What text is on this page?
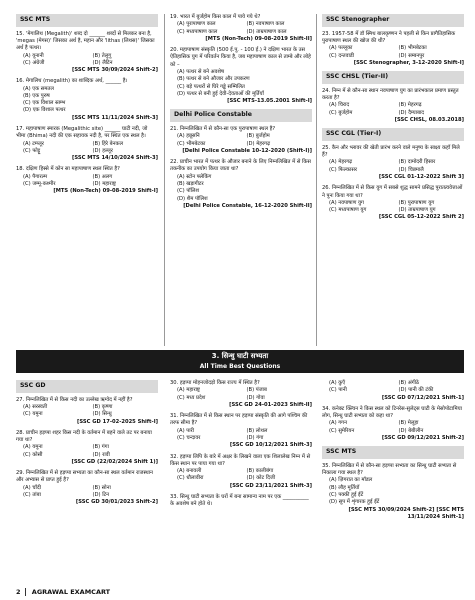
SSC MTS
15. 'मेगालिथ (Megalith)' शब्द दो ______ शब्दों से मिलकर बना है, 'megas (मेगस)' जिसका अर्थ है, महान और 'lithas (लिथस)' जिसका अर्थ है पत्थर।
(A) यूनानी	(B) तेलुगू
(C) अंग्रेजी	(D) लैटिन
[SSC MTS 30/09/2024 Shift-2]
16. मेगालिथ (megalith) का शाब्दिक अर्थ, ______ है।
(A) एक समतल
(B) एक पुरुष
(C) एक विशाल स्तम्भ
(D) एक विशाल पत्थर
[SSC MTS 11/11/2024 Shift-3]
17. महापाषाण स्मारक (Megalithic site) ______ घाटी नदी, जो भीमा (Bhima) नदी की एक सहायक नदी है, पर स्थित एक स्थल है।
(A) टम्प्लूर	(B) हिरे बेनकल
(C) फोट्टू	(D) हल्लूर
[SSC MTS 14/10/2024 Shift-3]
18. दक्षिण हिस्से में कोन सा महापाषाण स्थल स्थित है?
(A) पैगारल्म	(B) अलग
(C) जम्मू-कश्मीर	(D) महाराष्ट्र
[MTS (Non-Tech) 09-08-2019 Shift-I]
19. भारत में बुर्जहोम किस काल में पाये गये थे?
(A) पुरापाषाण काल	(B) नवपाषाण काल
(C) मध्यपाषाण काल	(D) ताम्रपाषाण काल
[MTS (Non-Tech) 09-08-2019 Shift-II]
20. महापाषाण संस्कृति (500 ई.पू. - 100 ई.) ने दक्षिण भारत के उस ऐतिहासिक युग में परिवर्तन किया है, जब महापाषाण काल से ताम्बे और लोहे को –
(A) पत्थर से बने अवशेष
(B) पत्थर से बने औजार और उपकरण
(C) बड़े पत्थरों से घिरे गड्ढे सम्मिलित
(D) पत्थर से बनी हुई देवी-देवताओं की मूर्तियाँ
[SSC MTS-13.05.2001 Shift-I]
Delhi Police Constable
21. निम्नलिखित में से कौन-सा एक पुरापाषाण स्थल है?
(A) हन्नूसनि	(B) बुर्जहोम
(C) भीमबेटका	(D) मेहरगढ़
[Delhi Police Constable 10-12-2020 (Shift-I)]
22. प्राचीन भारत में पत्थर के औजार बनाने के लिए निम्नलिखित में से किस तकनीक का उपयोग किया जाता था?
(A) स्टोन फ्लेकिंग
(B) खड़ागीटर
(C) पॉलिश
(D) शैम पॉलिश
[Delhi Police Constable, 16-12-2020 Shift-II]
SSC Stenographer
23. 1957-58 में डॉ स्मिथ बालकृष्णन ने पहली से किन प्रागैतिहासिक पुरापाषाण स्थल की खोज की थी?
(A) पल्लूका	(B) भीमबेटका
(C) दन्तवाडी	(D) सम्बनपुर
[SSC Stenographer, 3-12-2020 Shift-I]
SSC CHSL (Tier-II)
24. निम्न में से कौन-सा स्थान नवपाषाण युग का प्रारंभकाल प्रमाण प्रस्तुत करता है?
(A) चिराद	(B) मेहरगढ़
(C) बुर्जहोम	(D) दैम्याबाद
[SSC CHSL, 08.03.2018]
SSC CGL (Tier-I)
25. कैन और भ्लावर की खेती प्रारंभ करने वाले मनुष्य के साक्ष्य कहाँ मिले हैं?
(A) मेहरगढ़	(B) दामोदरी हिसार
(C) फिल्कासर	(D) चिन्नमालै
[SSC CGL 01-12-2022 Shift 3]
26. निम्नलिखित में से किस युग में सबसे शुद्ध सामने प्रसिद्ध पुरातत्ववेत्ताओं ने पुनः किया गया था?
(A) नवपाषाण युग	(B) पुरापाषाण युग
(C) मध्यपाषाण युग	(D) ताम्रपाषाण युग
[SSC CGL 05-12-2022 Shift 2]
3. सिन्धु घाटी सभ्यता
All Time Best Questions
SSC GD
27. निम्नलिखित में से किस नदी का उल्लेख ऋग्वेद में नहीं है?
(A) सरस्वती	(B) कृष्णा
(C) यमुना	(D) सिन्धु
[SSC GD 17-02-2025 Shift-I]
28. प्राचीन हड़प्पा शहर किस नदी के वर्तमान में बहने वाले तट पर बनाया गया था?
(A) यमुना	(B) गंगा
(C) कोसी	(D) रावी
[SSC GD (22/02/2024 Shift 1)]
29. निम्नलिखित में से हड़प्पा सभ्यता का कौन-सा स्थल वर्तमान राजस्थान और अभ्यास से प्राप्त हुई है?
(A) चाँदी	(B) सोना
(C) तांबा	(D) टिन
[SSC GD 30/01/2023 Shift-2]
30. हड़प्पा मोहनजोदड़ो किस राज्य में स्थित है?
(A) महाराष्ट्र	(B) पंजाब
(C) मध्य प्रदेश	(D) गोवा
[SSC GD 24-01-2023 Shift-II]
31. निम्नलिखित में से किस स्थान पर हड़प्पा संस्कृति की आगे पश्चिम की तरफ सीमा है?
(A) पारी	(B) लोथल
(C) चन्दावर	(D) गंगा
[SSC GD 10/12/2021 Shift-3]
32. हड़प्पा लिपि के बारे में अक्षर के लिखने वाला एक शिलालेख निम्न में से किस स्थान पर पाया गया था?
(A) बनावली	(B) कालीबंगा
(C) धौलावीरा	(D) कोट दिजी
[SSC GD 23/11/2021 Shift-3]
33. सिन्धु घाटी सभ्यता के घरों में बना सामान्य नाम पर एक __________ के अवशेष बने होते थे।
(A) कुएँ	(B) अंगीठे
(C) पानी	(D) पानी की टंकी
[SSC GD 07/12/2021 Shift-1]
34. कनेक्ट क्ल्विन ने किस स्थल को टिनरेस-सुलेट्स घाटी के मेसोपोटामिया लोग, सिन्धु घाटी सभ्यता को कहा था?
(A) गगन	(B) मेलूहा
(C) सुमेरियन	(D) बेबीलीन
[SSC GD 09/12/2021 Shift-2]
SSC MTS
35. निम्नलिखित में से कौन-सा हड़प्पा सभ्यता का सिन्धु घाटी सभ्यता से निकाला गया स्थल है?
(A) ज़िगरात का मॉडल
(B) लौह मूर्तियाँ
(C) पक्की हुई ईंटें
(D) सूप में शृंगारक हुई ईंटें
[SSC MTS 30/09/2024 Shift-2] [SSC MTS 13/11/2024 Shift-1]
2 AGRAWAL EXAMCART
